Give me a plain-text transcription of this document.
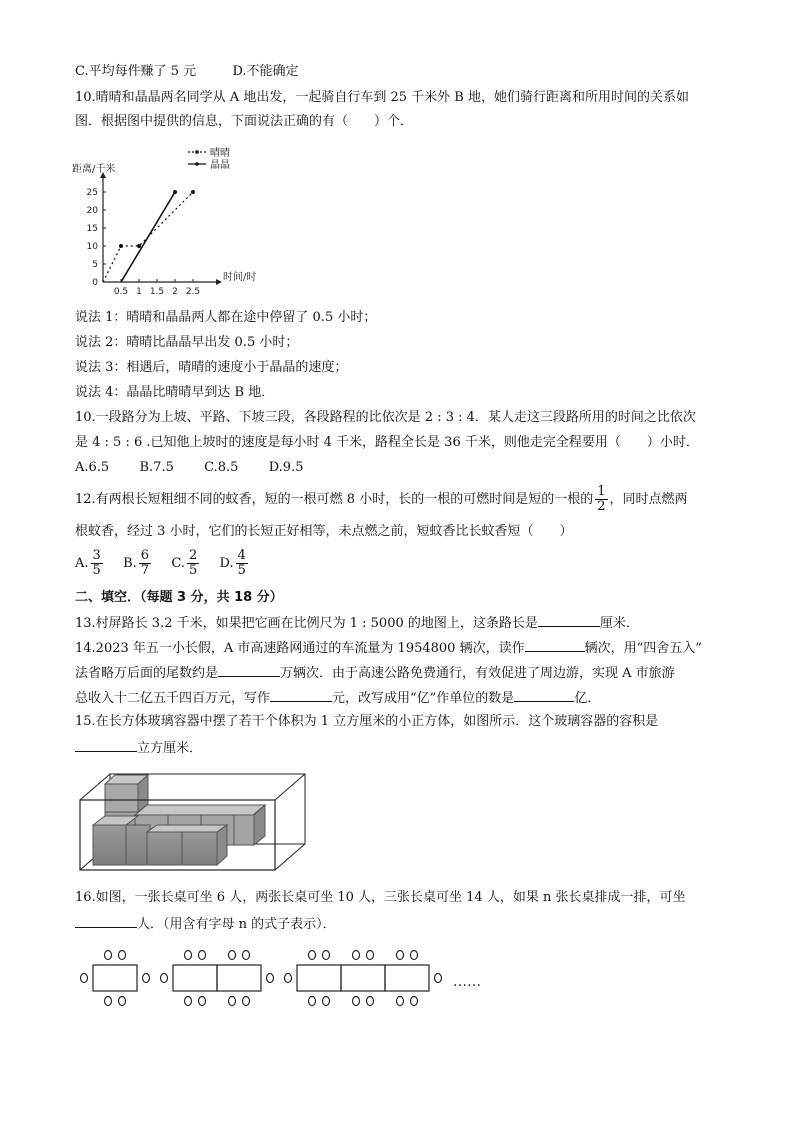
C.平均每件赚了 5 元	D.不能确定
10.晴晴和晶晶两名同学从 A 地出发，一起骑自行车到 25 千米外 B 地，她们骑行距离和所用时间的关系如
图．根据图中提供的信息，下面说法正确的有（　　）个．
距离/千米
时间/时
0
5
10
15
20
25
0.5 1 1.5 2 2.5
晴晴
晶晶
说法 1：晴晴和晶晶两人都在途中停留了 0.5 小时；
说法 2：晴晴比晶晶早出发 0.5 小时；
说法 3：相遇后，晴晴的速度小于晶晶的速度；
说法 4：晶晶比晴晴早到达 B 地．
10.一段路分为上坡、平路、下坡三段，各段路程的比依次是 2 : 3 : 4．某人走这三段路所用的时间之比依次
是 4 : 5 : 6 .已知他上坡时的速度是每小时 4 千米，路程全长是 36 千米，则他走完全程要用（　　）小时．
A.6.5 B.7.5 C.8.5 D.9.5
12.有两根长短粗细不同的蚊香，短的一根可燃 8 小时，长的一根的可燃时间是短的一根的 $\frac{1}{2}$ ，同时点燃两
根蚊香，经过 3 小时，它们的长短正好相等，未点燃之前，短蚊香比长蚊香短（　　）
A. $\frac{3}{5} B$. $\frac{6}{7} C$. $\frac{2}{5} D$. $\frac{4}{5}$
二、填空．（每题 3 分，共 18 分）
13.村屏路长 3.2 千米，如果把它画在比例尺为 1 : 5000 的地图上，这条路长是	厘米．
14.2023 年五一小长假，A 市高速路网通过的车流量为 1954800 辆次，读作	辆次，用“四舍五入”
法省略万后面的尾数约是	万辆次．由于高速公路免费通行，有效促进了周边游，实现 A 市旅游
总收入十二亿五千四百万元，写作	元，改写成用“亿”作单位的数是	亿．
15.在长方体玻璃容器中摆了若干个体积为 1 立方厘米的小正方体，如图所示．这个玻璃容器的容积是
立方厘米．
16.如图，一张长桌可坐 6 人，两张长桌可坐 10 人，三张长桌可坐 14 人，如果 n 张长桌排成一排，可坐
人．（用含有字母 n 的式子表示）．
……
